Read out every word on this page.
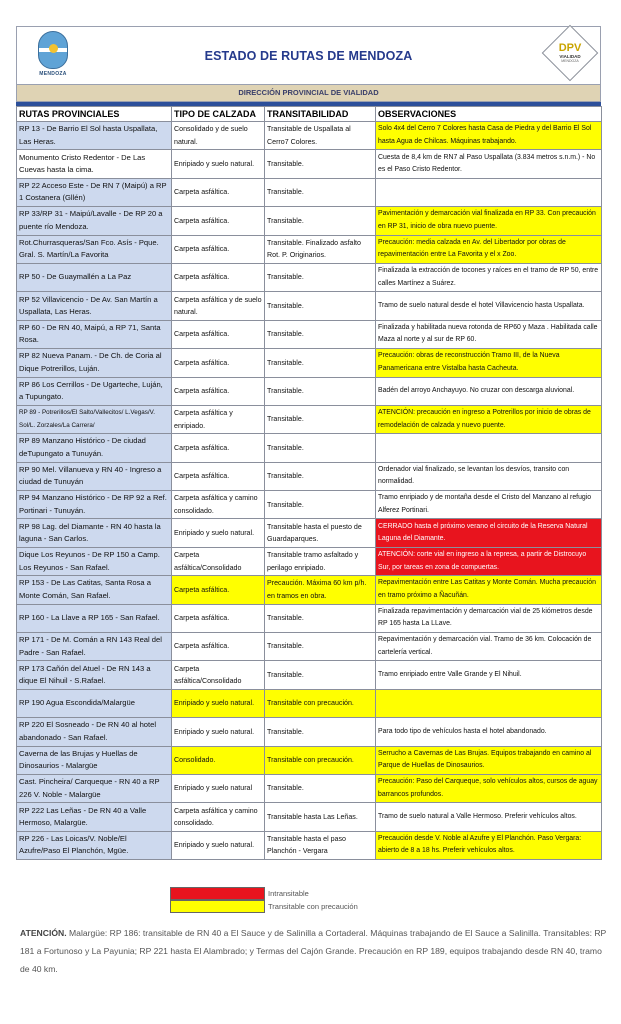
MENDOZA
ESTADO DE RUTAS DE MENDOZA
DPV
VIALIDAD
MENDOZA
DIRECCIÓN PROVINCIAL DE VIALIDAD
RUTAS PROVINCIALES	TIPO DE CALZADA	TRANSITABILIDAD	OBSERVACIONES
RP 13 - De Barrio El Sol hasta Uspallata, Las Heras.	Consolidado y de suelo natural.	Transitable de Uspallata al Cerro7 Colores.	Solo 4x4 del Cerro 7 Colores hasta Casa de Piedra y del Barrio El Sol hasta Agua de Chilcas. Máquinas trabajando.
Monumento Cristo Redentor - De Las Cuevas hasta la cima.	Enripiado y suelo natural.	Transitable.	Cuesta de 8,4 km de RN7 al Paso Uspallata (3.834 metros s.n.m.) - No es el Paso Cristo Redentor.
RP 22 Acceso Este - De RN 7 (Maipú) a RP 1 Costanera (Gllén)	Carpeta asfáltica.	Transitable.	
RP 33/RP 31 - Maipú/Lavalle - De RP 20 a puente río Mendoza.	Carpeta asfáltica.	Transitable.	Pavimentación y demarcación vial finalizada en RP 33. Con precaución en RP 31, inicio de obra nuevo puente.
Rot.Churrasqueras/San Fco. Asís - Pque. Gral. S. Martín/La Favorita	Carpeta asfáltica.	Transitable. Finalizado asfalto Rot. P. Originarios.	Precaución: media calzada en Av. del Libertador por obras de repavimentación entre La Favorita y el x Zoo.
RP 50 - De Guaymallén a La Paz	Carpeta asfáltica.	Transitable.	Finalizada la extracción de tocones y raíces en el tramo de RP 50, entre calles Martínez a Suárez.
RP 52 Villavicencio - De Av. San Martín a Uspallata, Las Heras.	Carpeta asfáltica y de suelo natural.	Transitable.	Tramo de suelo natural desde el hotel Villavicencio hasta Uspallata.
RP 60 - De RN 40, Maipú, a RP 71, Santa Rosa.	Carpeta asfáltica.	Transitable.	Finalizada y habilitada nueva rotonda de RP60 y Maza . Habilitada calle Maza al norte y al sur de RP 60.
RP 82 Nueva Panam. - De Ch. de Coria al Dique Potrerillos, Luján.	Carpeta asfáltica.	Transitable.	Precaución: obras de reconstrucción Tramo III, de la Nueva Panamericana entre Vistalba hasta Cacheuta.
RP 86 Los Cerrillos - De Ugarteche, Luján, a Tupungato.	Carpeta asfáltica.	Transitable.	Badén del arroyo Anchayuyo. No cruzar con descarga aluvional.
RP 89 - Potrerillos/El Salto/Vallecitos/ L.Vegas/V. Sol/L. Zorzales/La Carrera/	Carpeta asfáltica y enripiado.	Transitable.	ATENCIÓN: precaución en ingreso a Potrerillos por inicio de obras de remodelación de calzada y nuevo puente.
RP 89 Manzano Histórico - De ciudad deTupungato a Tunuyán.	Carpeta asfáltica.	Transitable.	
RP 90 Mel. Villanueva y RN 40 - Ingreso a ciudad de Tunuyán	Carpeta asfáltica.	Transitable.	Ordenador vial finalizado, se levantan los desvíos, transito con normalidad.
RP 94 Manzano Histórico - De RP 92 a Ref. Portinari - Tunuyán.	Carpeta asfáltica y camino consolidado.	Transitable.	Tramo enripiado y de montaña desde el Cristo del Manzano al refugio Alferez Portinari.
RP 98 Lag. del Diamante - RN 40 hasta la laguna - San Carlos.	Enripiado y suelo natural.	Transitable hasta el puesto de Guardaparques.	CERRADO hasta el próximo verano el circuito de la Reserva Natural Laguna del Diamante.
Dique Los Reyunos - De RP 150 a Camp. Los Reyunos - San Rafael.	Carpeta asfáltica/Consolidado	Transitable tramo asfaltado y perilago enripiado.	ATENCIÓN: corte vial en ingreso a la represa, a partir de Distrocuyo Sur, por tareas en zona de compuertas.
RP 153 - De Las Catitas, Santa Rosa a Monte Comán, San Rafael.	Carpeta asfáltica.	Precaución. Máxima 60 km p/h. en tramos en obra.	Repavimentación entre Las Catitas y Monte Comán. Mucha precaución en tramo próximo a Ñacuñán.
RP 160 - La Llave a RP 165 - San Rafael.	Carpeta asfáltica.	Transitable.	Finalizada repavimentación y demarcación vial de 25 kiómetros desde RP 165 hasta La LLave.
RP 171 - De M. Comán a RN 143 Real del Padre - San Rafael.	Carpeta asfáltica.	Transitable.	Repavimentación y demarcación vial. Tramo de 36 km. Colocación de cartelería vertical.
RP 173 Cañón del Atuel - De RN 143 a dique El Nihuil - S.Rafael.	Carpeta asfáltica/Consolidado	Transitable.	Tramo enripiado entre Valle Grande y El Nihuil.
RP 190 Agua Escondida/Malargüe	Enripiado y suelo natural.	Transitable con precaución.	
RP 220 El Sosneado - De RN 40 al hotel abandonado - San Rafael.	Enripiado y suelo natural.	Transitable.	Para todo tipo de vehículos hasta el hotel abandonado.
Caverna de las Brujas y Huellas de Dinosaurios - Malargüe	Consolidado.	Transitable con precaución.	Serrucho a Cavernas de Las Brujas. Equipos trabajando en camino al Parque de Huellas de Dinosaurios.
Cast. Pincheira/ Carqueque - RN 40 a RP 226 V. Noble - Malargüe	Enripiado y suelo natural	Transitable.	Precaución: Paso del Carqueque, solo vehículos altos, cursos de aguay barrancos profundos.
RP 222 Las Leñas - De RN 40 a Valle Hermoso, Malargüe.	Carpeta asfáltica y camino consolidado.	Transitable hasta Las Leñas.	Tramo de suelo natural a Valle Hermoso. Preferir vehículos altos.
RP 226 - Las Loicas/V. Noble/El Azufre/Paso El Planchón, Mgüe.	Enripiado y suelo natural.	Transitable hasta el paso Planchón - Vergara	Precaución desde V. Noble al Azufre y El Planchón. Paso Vergara: abierto de 8 a 18 hs. Preferir vehículos altos.
Intransitable
Transitable con precaución
ATENCIÓN. Malargüe: RP 186: transitable de RN 40 a El Sauce y de Salinilla a Cortaderal. Máquinas trabajando de El Sauce a Salinilla. Transitables: RP 181 a Fortunoso y La Payunia; RP 221 hasta El Alambrado; y Termas del Cajón Grande. Precaución en RP 189, equipos trabajando desde RN 40, tramo de 40 km.
